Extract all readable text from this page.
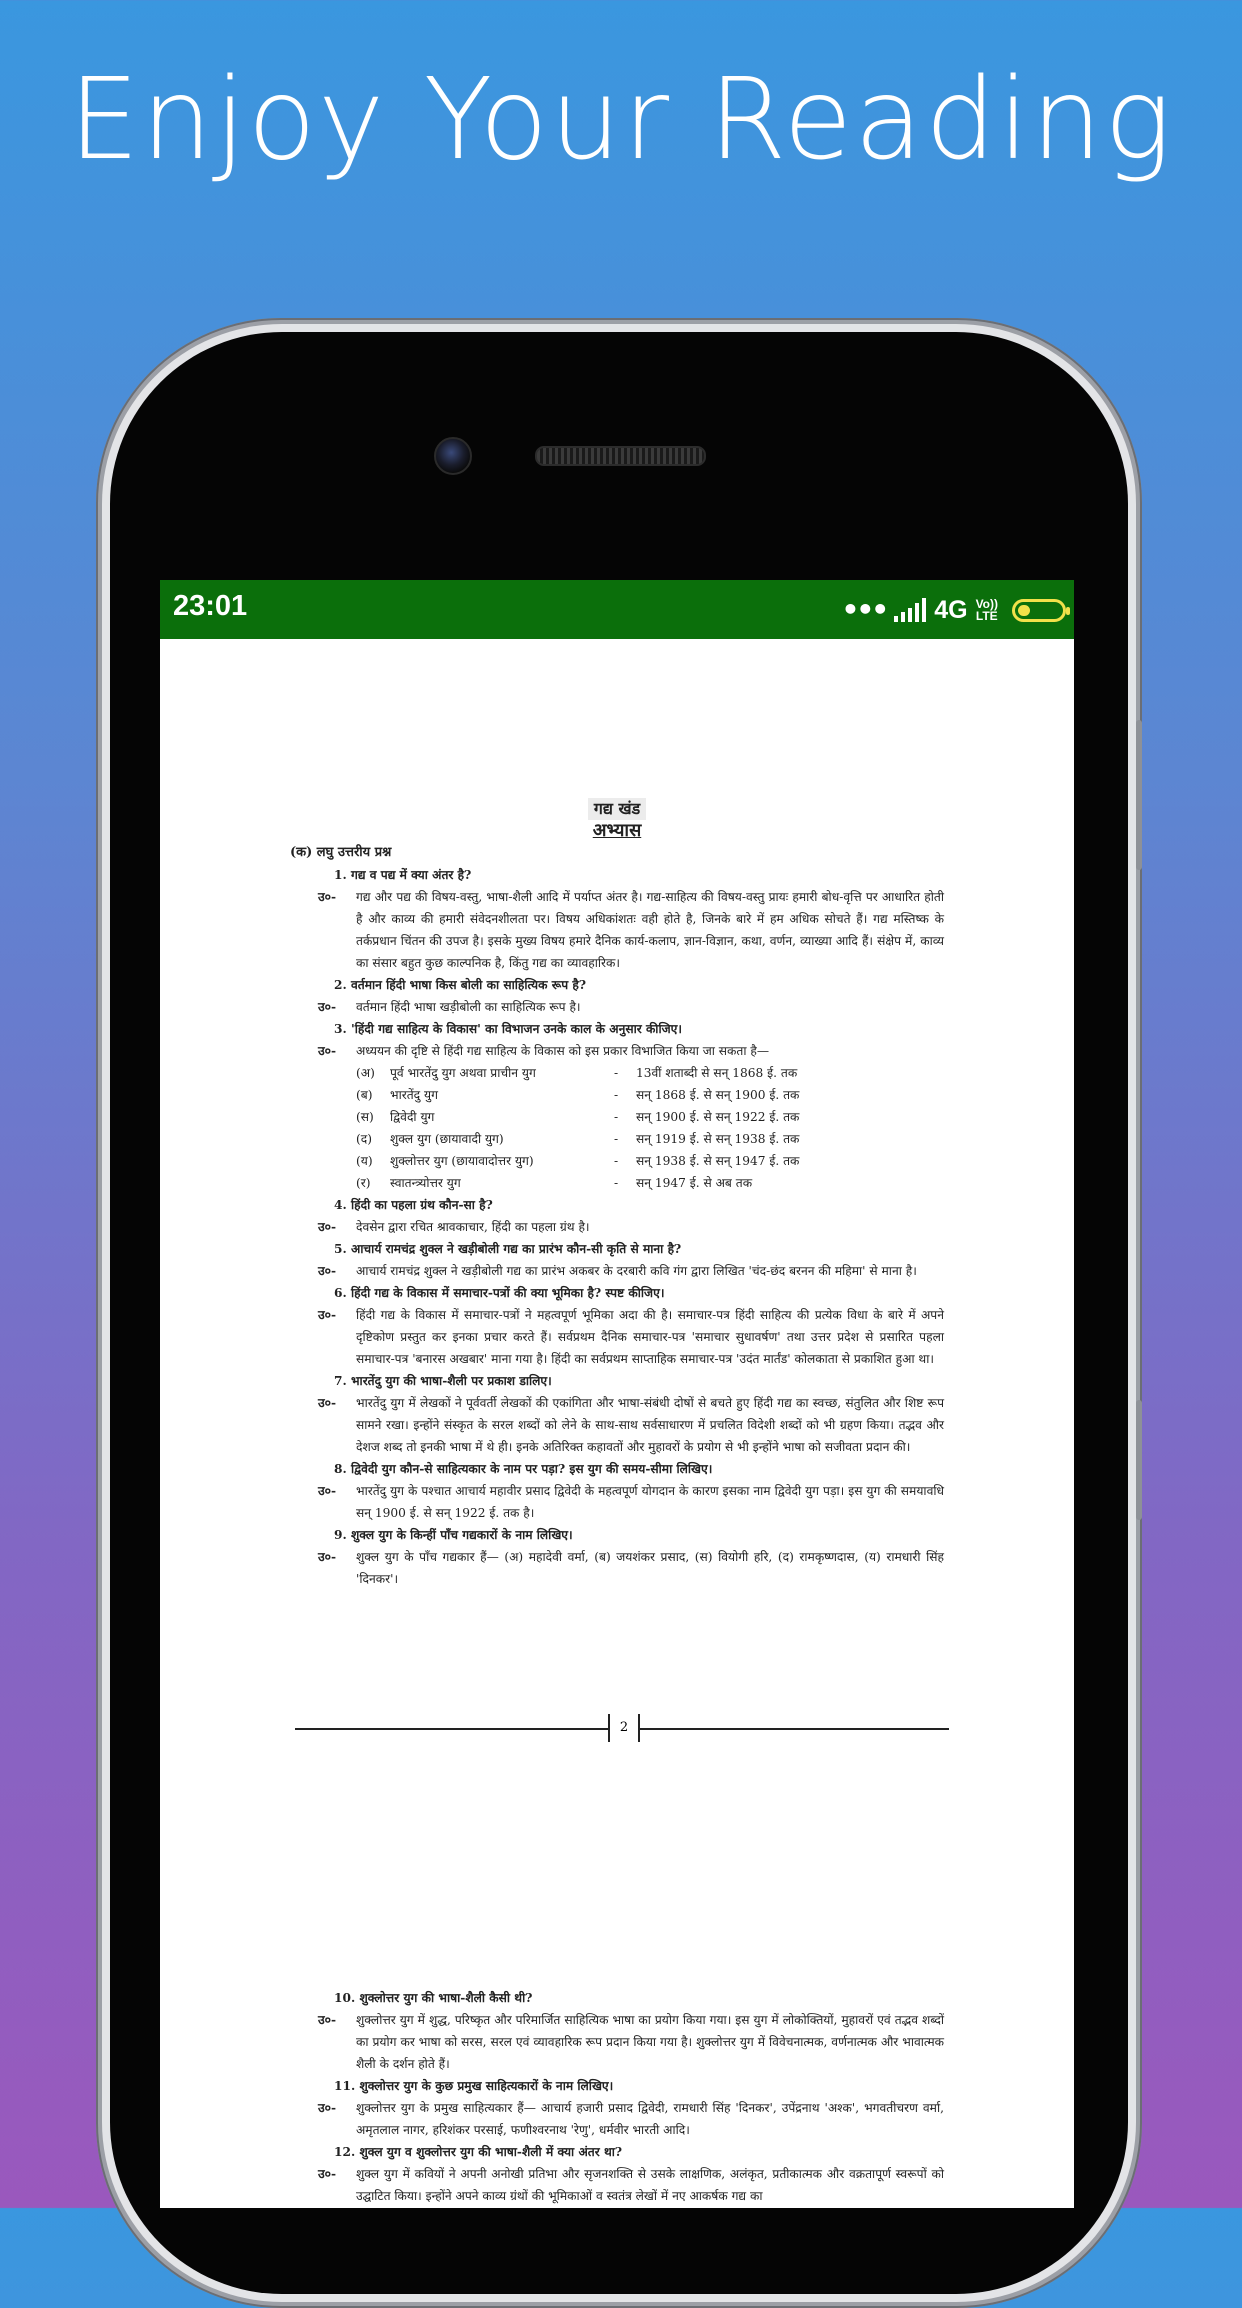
Enjoy Your Reading
23:01	••• 4G Vo))
LTE
गद्य खंड
अभ्यास
(क) लघु उत्तरीय प्रश्न
1. गद्य व पद्य में क्या अंतर है?
उ०- गद्य और पद्य की विषय-वस्तु, भाषा-शैली आदि में पर्याप्त अंतर है। गद्य-साहित्य की विषय-वस्तु प्रायः हमारी बोध-वृत्ति पर आधारित होती है और काव्य की हमारी संवेदनशीलता पर। विषय अधिकांशतः वही होते है, जिनके बारे में हम अधिक सोचते हैं। गद्य मस्तिष्क के तर्कप्रधान चिंतन की उपज है। इसके मुख्य विषय हमारे दैनिक कार्य-कलाप, ज्ञान-विज्ञान, कथा, वर्णन, व्याख्या आदि हैं। संक्षेप में, काव्य का संसार बहुत कुछ काल्पनिक है, किंतु गद्य का व्यावहारिक।
2. वर्तमान हिंदी भाषा किस बोली का साहित्यिक रूप है?
उ०- वर्तमान हिंदी भाषा खड़ीबोली का साहित्यिक रूप है।
3. 'हिंदी गद्य साहित्य के विकास' का विभाजन उनके काल के अनुसार कीजिए।
उ०- अध्ययन की दृष्टि से हिंदी गद्य साहित्य के विकास को इस प्रकार विभाजित किया जा सकता है—
(अ)	पूर्व भारतेंदु युग अथवा प्राचीन युग	-	13वीं शताब्दी से सन् 1868 ई. तक
(ब)	भारतेंदु युग	-	सन् 1868 ई. से सन् 1900 ई. तक
(स)	द्विवेदी युग	-	सन् 1900 ई. से सन् 1922 ई. तक
(द)	शुक्ल युग (छायावादी युग)	-	सन् 1919 ई. से सन् 1938 ई. तक
(य)	शुक्लोत्तर युग (छायावादोत्तर युग)	-	सन् 1938 ई. से सन् 1947 ई. तक
(र)	स्वातन्त्र्योत्तर युग	-	सन् 1947 ई. से अब तक
4. हिंदी का पहला ग्रंथ कौन-सा है?
उ०- देवसेन द्वारा रचित श्रावकाचार, हिंदी का पहला ग्रंथ है।
5. आचार्य रामचंद्र शुक्ल ने खड़ीबोली गद्य का प्रारंभ कौन-सी कृति से माना है?
उ०- आचार्य रामचंद्र शुक्ल ने खड़ीबोली गद्य का प्रारंभ अकबर के दरबारी कवि गंग द्वारा लिखित 'चंद-छंद बरनन की महिमा' से माना है।
6. हिंदी गद्य के विकास में समाचार-पत्रों की क्या भूमिका है? स्पष्ट कीजिए।
उ०- हिंदी गद्य के विकास में समाचार-पत्रों ने महत्वपूर्ण भूमिका अदा की है। समाचार-पत्र हिंदी साहित्य की प्रत्येक विधा के बारे में अपने दृष्टिकोण प्रस्तुत कर इनका प्रचार करते हैं। सर्वप्रथम दैनिक समाचार-पत्र 'समाचार सुधावर्षण' तथा उत्तर प्रदेश से प्रसारित पहला समाचार-पत्र 'बनारस अखबार' माना गया है। हिंदी का सर्वप्रथम साप्ताहिक समाचार-पत्र 'उदंत मार्तंड' कोलकाता से प्रकाशित हुआ था।
7. भारतेंदु युग की भाषा-शैली पर प्रकाश डालिए।
उ०- भारतेंदु युग में लेखकों ने पूर्ववर्ती लेखकों की एकांगिता और भाषा-संबंधी दोषों से बचते हुए हिंदी गद्य का स्वच्छ, संतुलित और शिष्ट रूप सामने रखा। इन्होंने संस्कृत के सरल शब्दों को लेने के साथ-साथ सर्वसाधारण में प्रचलित विदेशी शब्दों को भी ग्रहण किया। तद्भव और देशज शब्द तो इनकी भाषा में थे ही। इनके अतिरिक्त कहावतों और मुहावरों के प्रयोग से भी इन्होंने भाषा को सजीवता प्रदान की।
8. द्विवेदी युग कौन-से साहित्यकार के नाम पर पड़ा? इस युग की समय-सीमा लिखिए।
उ०- भारतेंदु युग के पश्चात आचार्य महावीर प्रसाद द्विवेदी के महत्वपूर्ण योगदान के कारण इसका नाम द्विवेदी युग पड़ा। इस युग की समयावधि सन् 1900 ई. से सन् 1922 ई. तक है।
9. शुक्ल युग के किन्हीं पाँच गद्यकारों के नाम लिखिए।
उ०- शुक्ल युग के पाँच गद्यकार हैं— (अ) महादेवी वर्मा, (ब) जयशंकर प्रसाद, (स) वियोगी हरि, (द) रामकृष्णदास, (य) रामधारी सिंह 'दिनकर'।
2
10. शुक्लोत्तर युग की भाषा-शैली कैसी थी?
उ०- शुक्लोत्तर युग में शुद्ध, परिष्कृत और परिमार्जित साहित्यिक भाषा का प्रयोग किया गया। इस युग में लोकोक्तियों, मुहावरों एवं तद्भव शब्दों का प्रयोग कर भाषा को सरस, सरल एवं व्यावहारिक रूप प्रदान किया गया है। शुक्लोत्तर युग में विवेचनात्मक, वर्णनात्मक और भावात्मक शैली के दर्शन होते हैं।
11. शुक्लोत्तर युग के कुछ प्रमुख साहित्यकारों के नाम लिखिए।
उ०- शुक्लोत्तर युग के प्रमुख साहित्यकार हैं— आचार्य हजारी प्रसाद द्विवेदी, रामधारी सिंह 'दिनकर', उपेंद्रनाथ 'अश्क', भगवतीचरण वर्मा, अमृतलाल नागर, हरिशंकर परसाई, फणीश्वरनाथ 'रेणु', धर्मवीर भारती आदि।
12. शुक्ल युग व शुक्लोत्तर युग की भाषा-शैली में क्या अंतर था?
उ०- शुक्ल युग में कवियों ने अपनी अनोखी प्रतिभा और सृजनशक्ति से उसके लाक्षणिक, अलंकृत, प्रतीकात्मक और वक्रतापूर्ण स्वरूपों को उद्घाटित किया। इन्होंने अपने काव्य ग्रंथों की भूमिकाओं व स्वतंत्र लेखों में नए आकर्षक गद्य का
